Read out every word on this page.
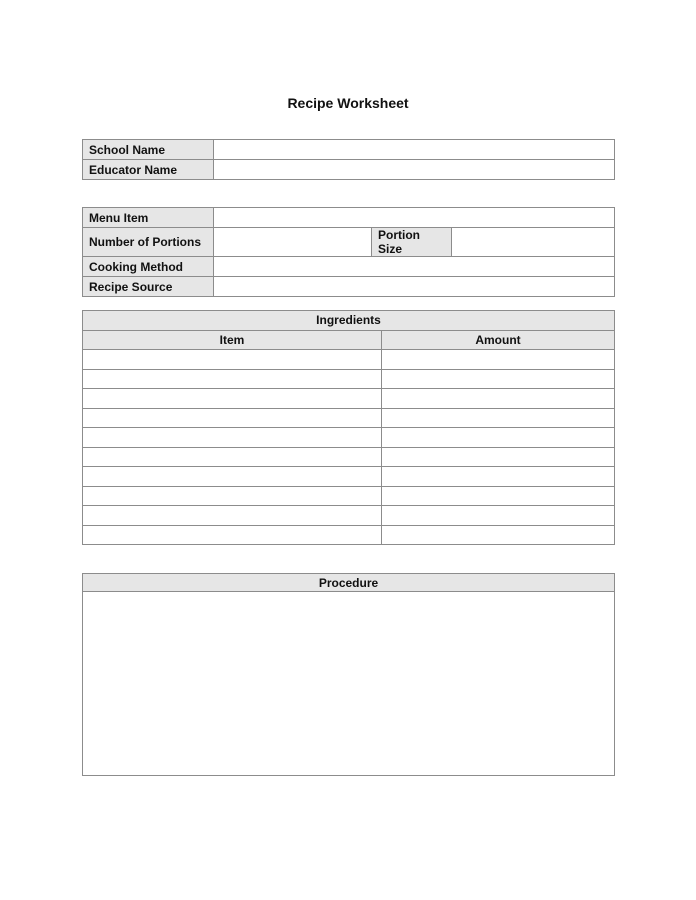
Recipe Worksheet
School Name	
Educator Name	
Menu Item			
Number of Portions		Portion Size	
Cooking Method			
Recipe Source			
Ingredients	
Item	Amount

Procedure
